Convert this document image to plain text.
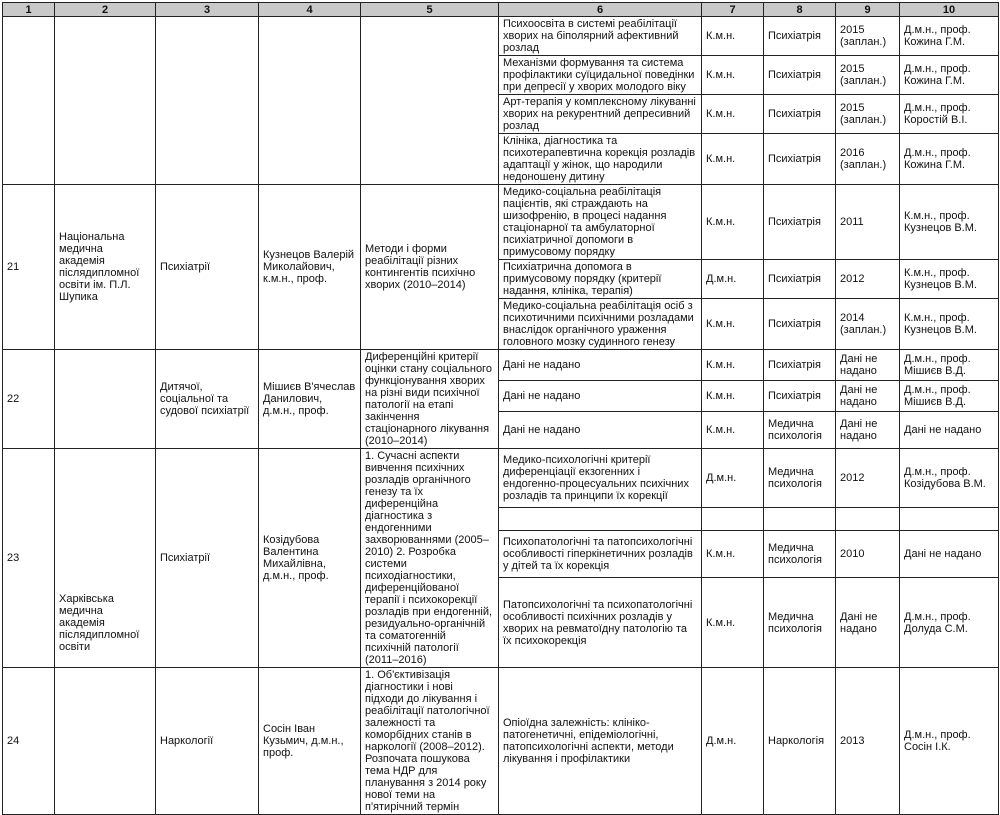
1	2	3	4	5	6	7	8	9	10
					Психоосвіта в системі реабілітації хворих на біполярний афективний розлад	К.м.н.	Психіатрія	2015 (заплан.)	Д.м.н., проф. Кожина Г.М.
					Механізми формування та система профілактики суїцидальної поведінки при депресії у хворих молодого віку	К.м.н.	Психіатрія	2015 (заплан.)	Д.м.н., проф. Кожина Г.М.
					Арт-терапія у комплексному лікуванні хворих на рекурентний депресивний розлад	К.м.н.	Психіатрія	2015 (заплан.)	Д.м.н., проф. Коростій В.І.
					Клініка, діагностика та психотерапевтична корекція розладів адаптації у жінок, що народили недоношену дитину	К.м.н.	Психіатрія	2016 (заплан.)	Д.м.н., проф. Кожина Г.М.
21	Національна медична академія післядипломної освіти ім. П.Л. Шупика	Психіатрії	Кузнецов Валерій Миколайович, к.м.н., проф.	Методи і форми реабілітації різних контингентів психічно хворих (2010–2014)	Медико-соціальна реабілітація пацієнтів, які страждають на шизофренію, в процесі надання стаціонарної та амбулаторної психіатричної допомоги в примусовому порядку	К.м.н.	Психіатрія	2011	К.м.н., проф. Кузнецов В.М.
					Психіатрична допомога в примусовому порядку (критерії надання, клініка, терапія)	Д.м.н.	Психіатрія	2012	К.м.н., проф. Кузнецов В.М.
					Медико-соціальна реабілітація осіб з психотичними психічними розладами внаслідок органічного ураження головного мозку судинного генезу	К.м.н.	Психіатрія	2014 (заплан.)	К.м.н., проф. Кузнецов В.М.
22		Дитячої, соціальної та судової психіатрії	Мішиєв В'ячеслав Данилович, д.м.н., проф.	Диференційні критерії оцінки стану соціального функціонування хворих на різні види психічної патології на етапі закінчення стаціонарного лікування (2010–2014)	Дані не надано	К.м.н.	Психіатрія	Дані не надано	Д.м.н., проф. Мішиєв В.Д.
					Дані не надано	К.м.н.	Психіатрія	Дані не надано	Д.м.н., проф. Мішиєв В.Д.
					Дані не надано	К.м.н.	Медична психологія	Дані не надано	Дані не надано
23	Харківська медична академія післядипломної освіти	Психіатрії	Козідубова Валентина Михайлівна, д.м.н., проф.	1. Сучасні аспекти вивчення психічних розладів органічного генезу та їх диференційна діагностика з ендогенними захворюваннями (2005–2010) 2. Розробка системи психодіагностики, диференційованої терапії і психокорекції розладів при ендогенній, резидуально-органічній та соматогенній психічній патології (2011–2016)	Медико-психологічні критерії диференціації екзогенних і ендогенно-процесуальних психічних розладів та принципи їх корекції	Д.м.н.	Медична психологія	2012	Д.м.н., проф. Козідубова В.М.

					Психопатологічні та патопсихологічні особливості гіперкінетичних розладів у дітей та їх корекція	К.м.н.	Медична психологія	2010	Дані не надано
					Патопсихологічні та психопатологічні особливості психічних розладів у хворих на ревматоїдну патологію та їх психокорекція	К.м.н.	Медична психологія	Дані не надано	Д.м.н., проф. Долуда С.М.
24		Наркології	Сосін Іван Кузьмич, д.м.н., проф.	1. Об'єктивізація діагностики і нові підходи до лікування і реабілітації патологічної залежності та коморбідних станів в наркології (2008–2012). Розпочата пошукова тема НДР для планування з 2014 року нової теми на п'ятирічний термін	Опіоїдна залежність: клініко-патогенетичні, епідеміологічні, патопсихологічні аспекти, методи лікування і профілактики	Д.м.н.	Наркологія	2013	Д.м.н., проф. Сосін І.К.
